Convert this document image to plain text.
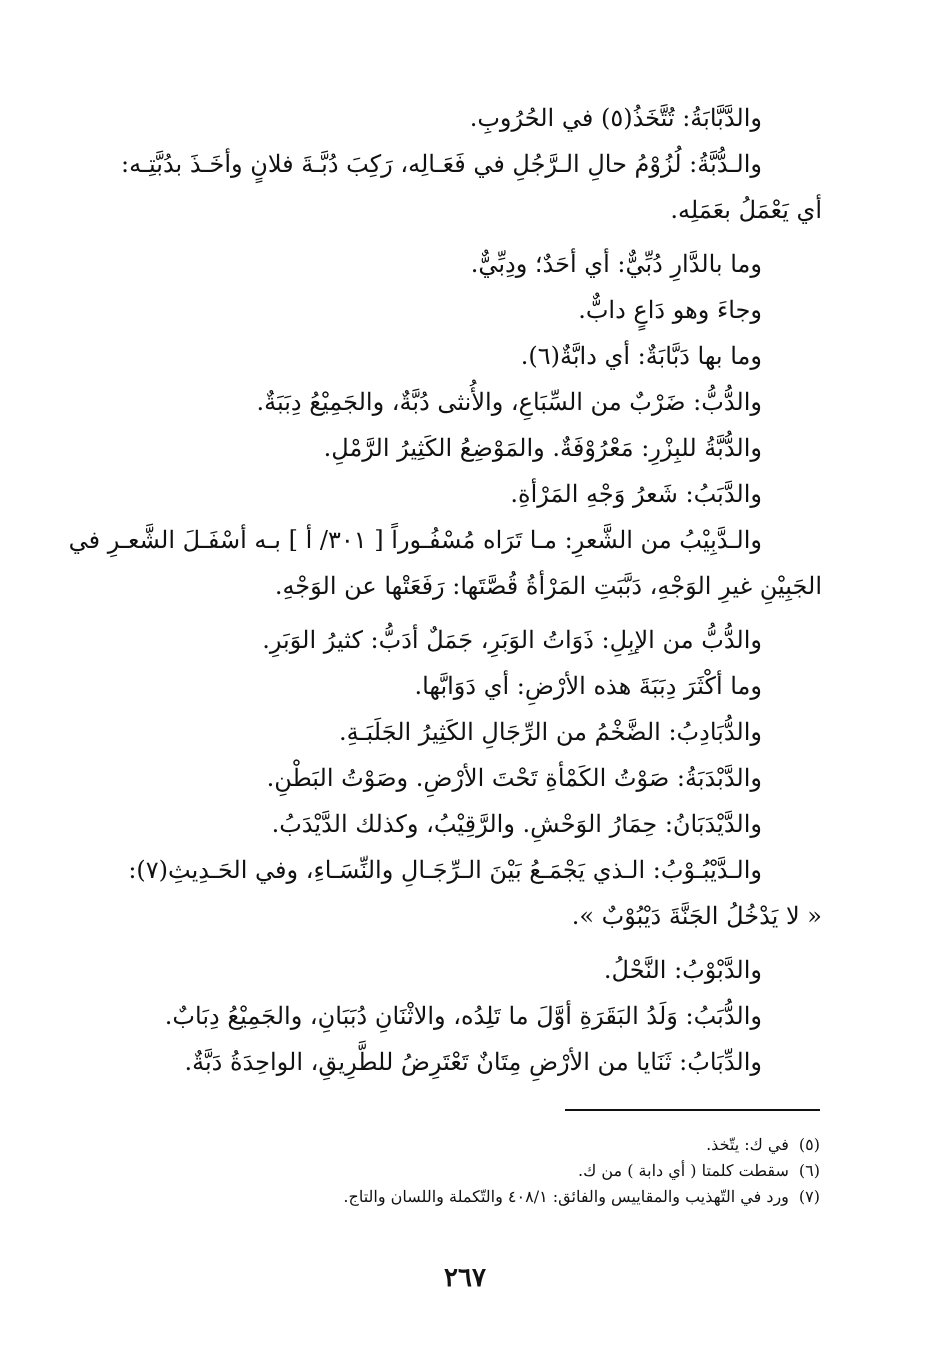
والدَّبَّابَةُ: تُتَّخَذُ(٥) في الحُرُوبِ.
والـدُّبَّةُ: لُزُوْمُ حالِ الـرَّجُلِ في فَعَـالِه، رَكِبَ دُبَّـةَ فلانٍ وأخَـذَ بدُبَّتِـه:
أي يَعْمَلُ بعَمَلِه.
وما بالدَّارِ دُبِّيٌّ: أي أحَدٌ؛ ودِبِّيٌّ.
وجاءَ وهو دَاعٍ دابٌّ.
وما بها دَبَّابَةٌ: أي دابَّةٌ(٦).
والدُّبُّ: ضَرْبٌ من السِّبَاعِ، والأُنثى دُبَّةٌ، والجَمِيْعُ دِبَبَةٌ.
والدُّبَّةُ للبِزْرِ: مَعْرُوْفَةٌ. والمَوْضِعُ الكَثِيرُ الرَّمْلِ.
والدَّبَبُ: شَعرُ وَجْهِ المَرْأةِ.
والـدَّبِيْبُ من الشَّعرِ: مـا تَرَاه مُسْفُـوراً [ ٣٠١/ أ ] بـه أسْفَـلَ الشَّعـرِ في
الجَبِيْنِ غيرِ الوَجْهِ، دَبَّبَتِ المَرْأةُ قُصَّتَها: رَفَعَتْها عن الوَجْهِ.
والدُّبُّ من الإبِلِ: ذَوَاتُ الوَبَرِ، جَمَلٌ أدَبُّ: كثيرُ الوَبَرِ.
وما أكْثَرَ دِبَبَةَ هذه الأرْضِ: أي دَوَابَّها.
والدُّبَادِبُ: الضَّخْمُ من الرِّجَالِ الكَثِيرُ الجَلَبَـةِ.
والدَّبْدَبَةُ: صَوْتُ الكَمْأةِ تَحْتَ الأرْضِ. وصَوْتُ البَطْنِ.
والدَّيْدَبَانُ: حِمَارُ الوَحْشِ. والرَّقِيْبُ، وكذلك الدَّيْدَبُ.
والـدَّيْبُـوْبُ: الـذي يَجْمَـعُ بَيْنَ الـرِّجَـالِ والنِّسَـاءِ، وفي الحَـدِيثِ(٧):
« لا يَدْخُلُ الجَنَّةَ دَيْبُوْبٌ ».
والدَّبْوْبُ: النَّحْلُ.
والدُّبَبُ: وَلَدُ البَقَرَةِ أوَّلَ ما تَلِدُه، والاثْنَانِ دُبَبَانِ، والجَمِيْعُ دِبَابٌ.
والدِّبَابُ: ثَنَايا من الأرْضِ مِتَانٌ تَعْتَرِضُ للطَّرِيقِ، الواحِدَةُ دَبَّةٌ.
(٥)في ك: يتّخذ.
(٦)سقطت كلمتا ( أي دابة ) من ك.
(٧)ورد في التّهذيب والمقاييس والفائق: ٤٠٨/١ والتّكملة واللسان والتاج.
٢٦٧
